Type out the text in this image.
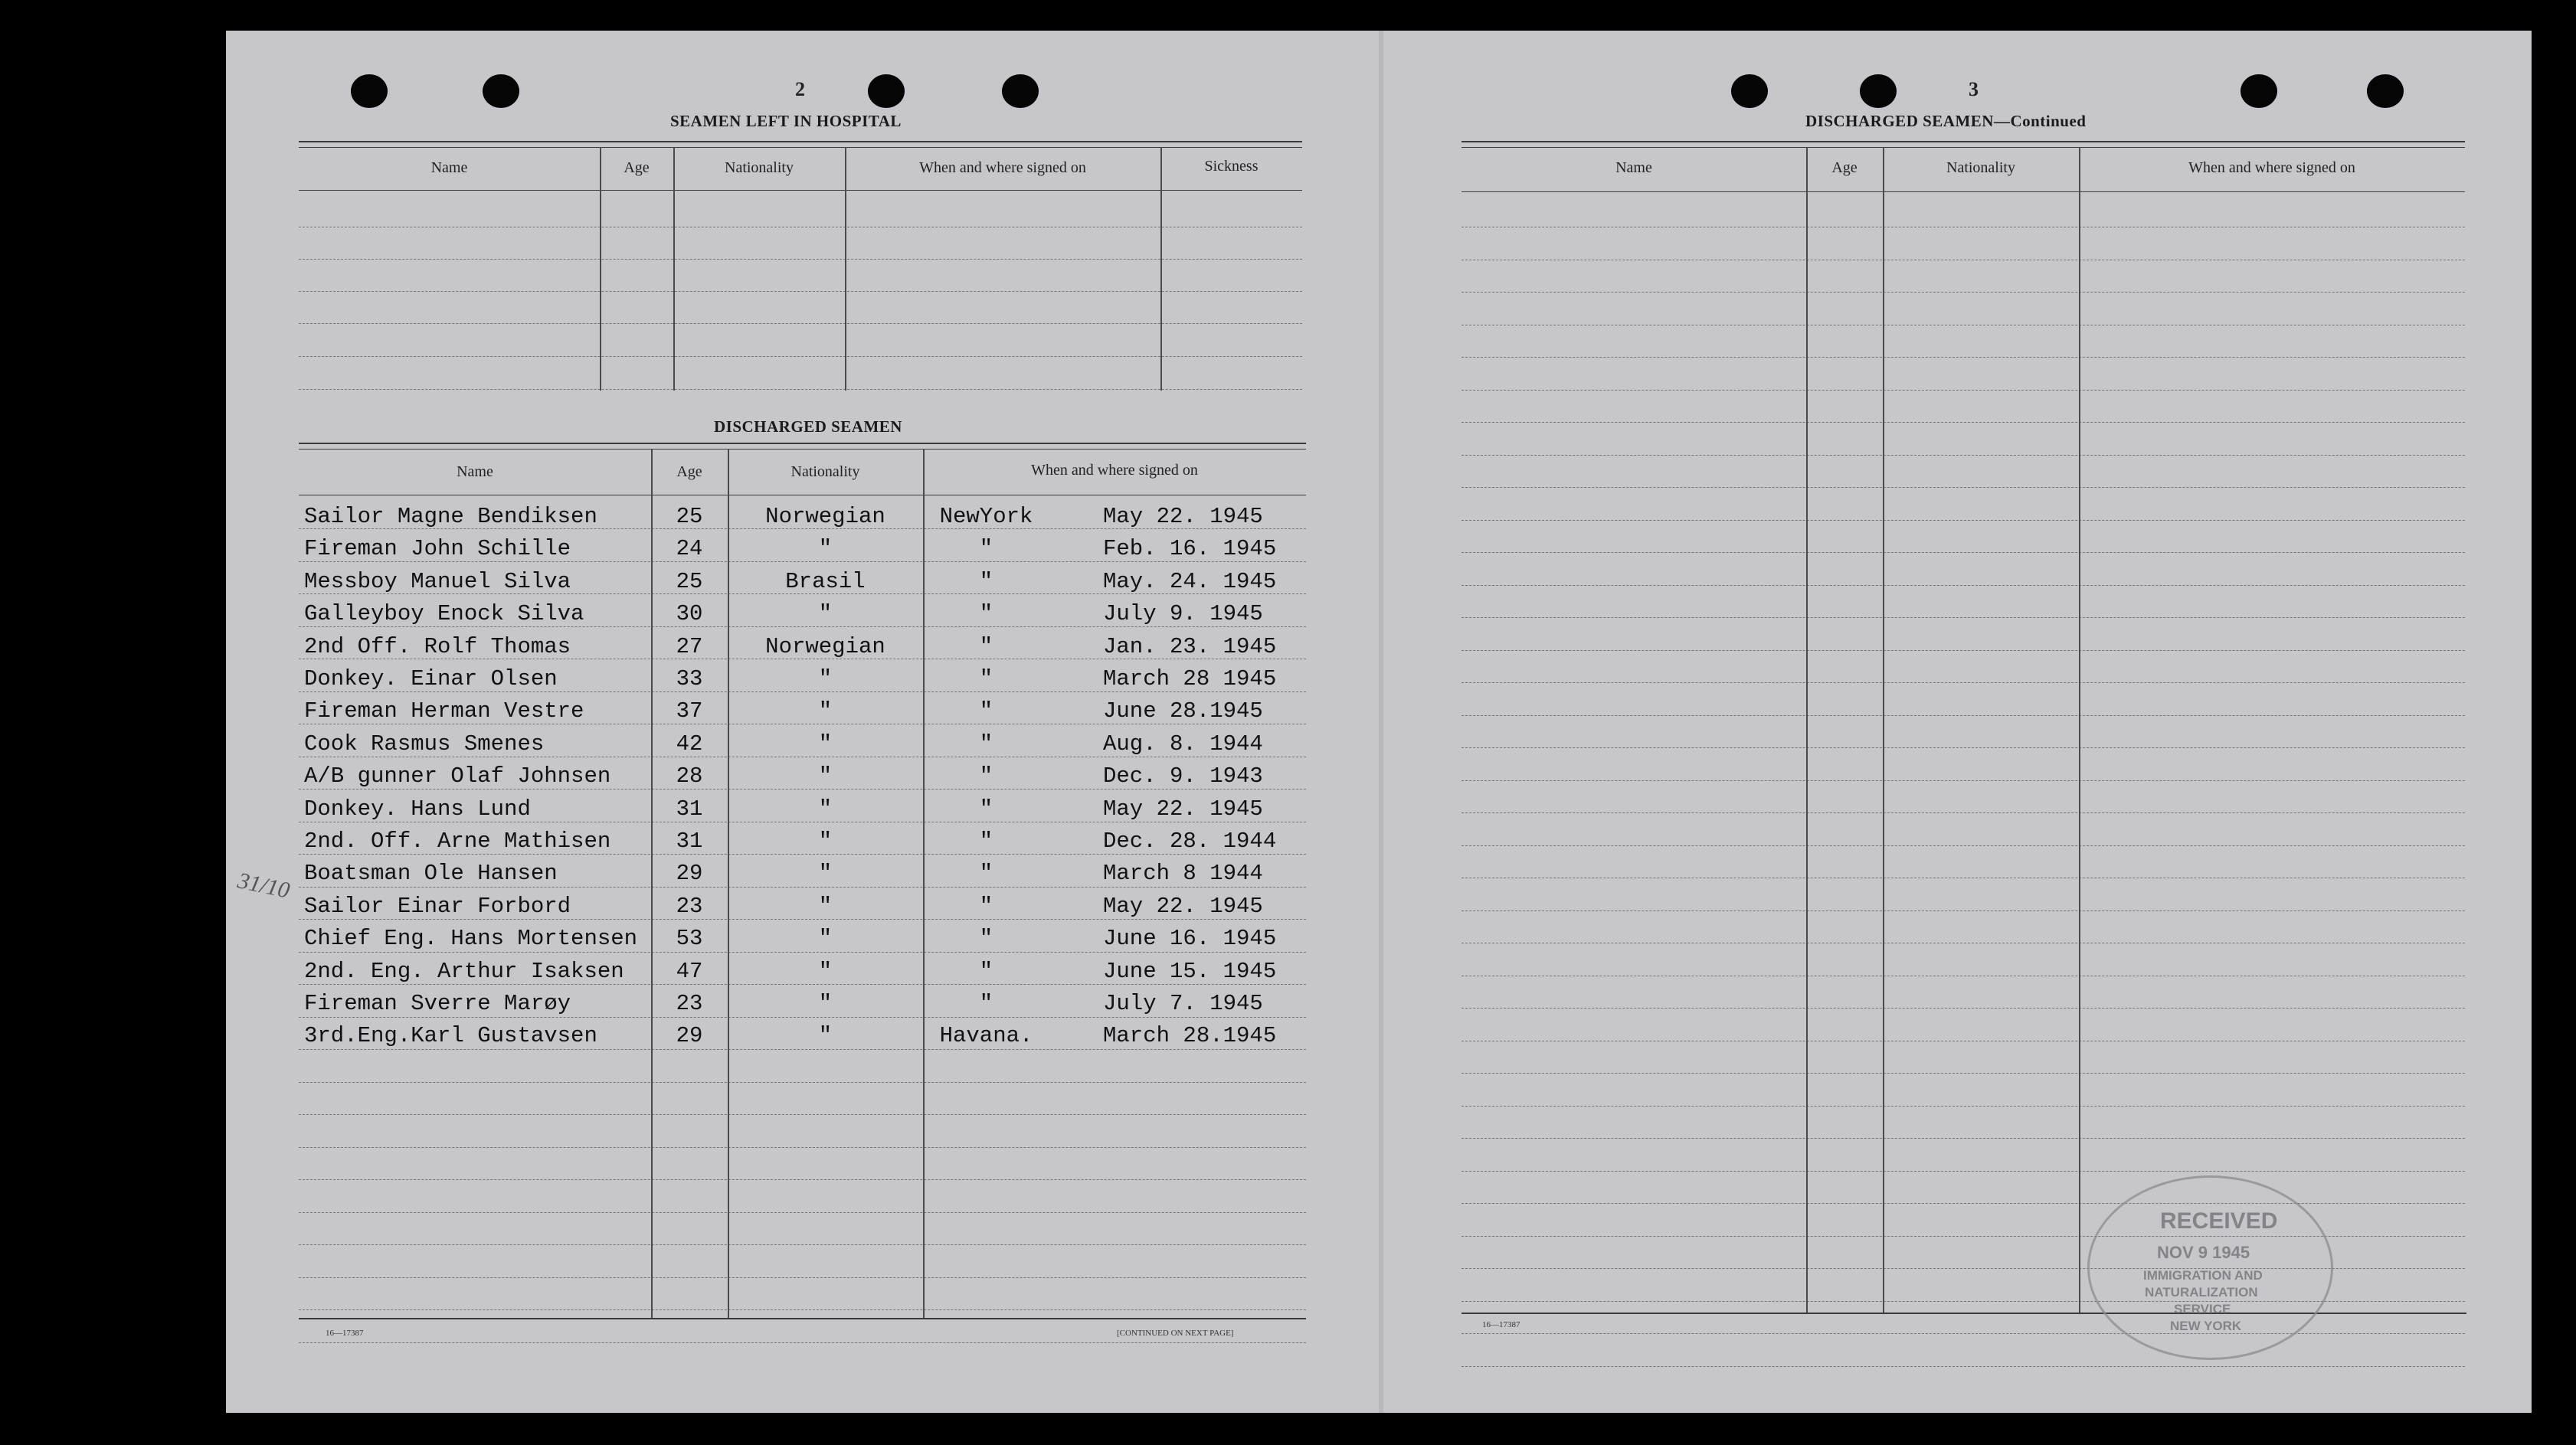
2
SEAMEN LEFT IN HOSPITAL
Name	Age	Nationality	When and where signed on	Sickness
DISCHARGED SEAMEN
Name	Age	Nationality	When and where signed on
Sailor Magne Bendiksen	25	Norwegian	NewYork	May 22. 1945
Fireman John Schille	24	"	"	Feb. 16. 1945
Messboy Manuel Silva	25	Brasil	"	May. 24. 1945
Galleyboy Enock Silva	30	"	"	July 9. 1945
2nd Off. Rolf Thomas	27	Norwegian	"	Jan. 23. 1945
Donkey. Einar Olsen	33	"	"	March 28 1945
Fireman Herman Vestre	37	"	"	June 28.1945
Cook Rasmus Smenes	42	"	"	Aug. 8. 1944
A/B gunner Olaf Johnsen	28	"	"	Dec. 9. 1943
Donkey. Hans Lund	31	"	"	May 22. 1945
2nd. Off. Arne Mathisen	31	"	"	Dec. 28. 1944
Boatsman Ole Hansen	29	"	"	March 8 1944
Sailor Einar Forbord	23	"	"	May 22. 1945
Chief Eng. Hans Mortensen	53	"	"	June 16. 1945
2nd. Eng. Arthur Isaksen	47	"	"	June 15. 1945
Fireman Sverre Marøy	23	"	"	July 7. 1945
3rd.Eng.Karl Gustavsen	29	"	Havana.	March 28.1945
31/10
16—17387	[CONTINUED ON NEXT PAGE]
3
DISCHARGED SEAMEN—Continued
Name	Age	Nationality	When and where signed on
16—17387
RECEIVED
NOV 9 1945
IMMIGRATION AND
NATURALIZATION
SERVICE
NEW YORK
